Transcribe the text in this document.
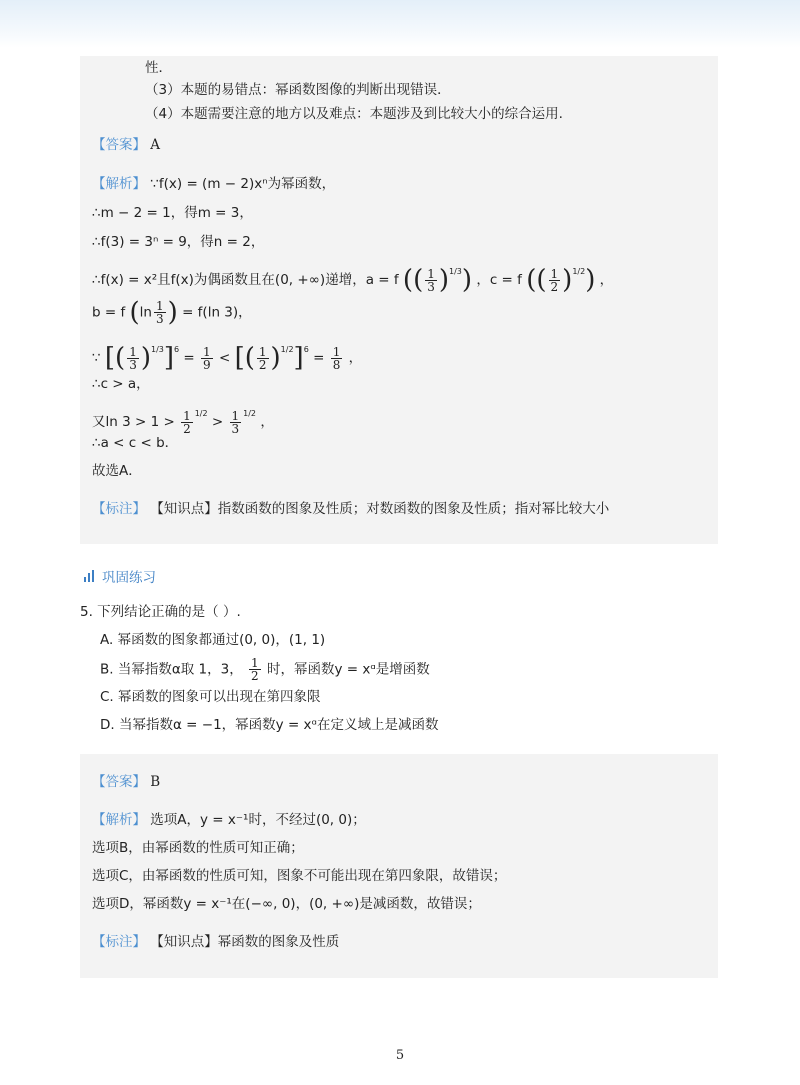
性．
（3）本题的易错点：幂函数图像的判断出现错误．
（4）本题需要注意的地方以及难点：本题涉及到比较大小的综合运用.
【答案】 A
【解析】 ∵f(x) = (m − 2)xⁿ为幂函数，
∴m − 2 = 1，得m = 3，
∴f(3) = 3ⁿ = 9，得n = 2，
∴f(x) = x²且f(x)为偶函数且在(0, +∞)递增，a = f (( $\frac{1}{3} )^{1/3}$) ，c = f (( $\frac{1}{2} )^{1/2}$) ，
b = f ($\ln \frac{1}{3}$ ) = f(ln 3)，
∵ [( $\frac{1}{3} )^{1/3}]^6 = \frac{1}{9}$ < [( $\frac{1}{2} )^{1/2}]^6 = \frac{1}{8}$ ，
∴c > a，
又$\ln 3 > 1 > \frac{1}{2} ^{1/2} > \frac{1}{3} ^{1/2}$ ，
∴a < c < b．
故选A．
【标注】 【知识点】指数函数的图象及性质；对数函数的图象及性质；指对幂比较大小
巩固练习
5. 下列结论正确的是（ ）.
A. 幂函数的图象都通过(0, 0)，(1, 1)
B. 当幂指数α取 1，3， $\frac{1}{2}$ 时，幂函数y = xᵅ是增函数
C. 幂函数的图象可以出现在第四象限
D. 当幂指数α = −1，幂函数y = xᵅ在定义域上是减函数
【答案】 B
【解析】 选项A，y = x⁻¹时，不经过(0, 0)；
选项B，由幂函数的性质可知正确；
选项C，由幂函数的性质可知，图象不可能出现在第四象限，故错误；
选项D，幂函数y = x⁻¹在(−∞, 0)，(0, +∞)是减函数，故错误；
【标注】 【知识点】幂函数的图象及性质
5
